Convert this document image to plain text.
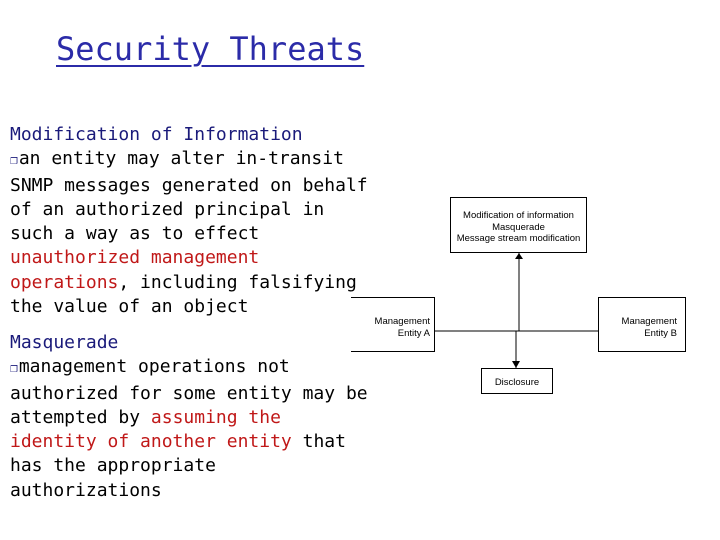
Security Threats
Modification of Information
❐an entity may alter in-transit SNMP messages generated on behalf of an authorized principal in such a way as to effect unauthorized management operations, including falsifying the value of an object
Masquerade
❐management operations not authorized for some entity may be attempted by assuming the identity of another entity that has the appropriate authorizations
Modification of information
Masquerade
Message stream modification
Management
Entity A
Management
Entity B
Disclosure
